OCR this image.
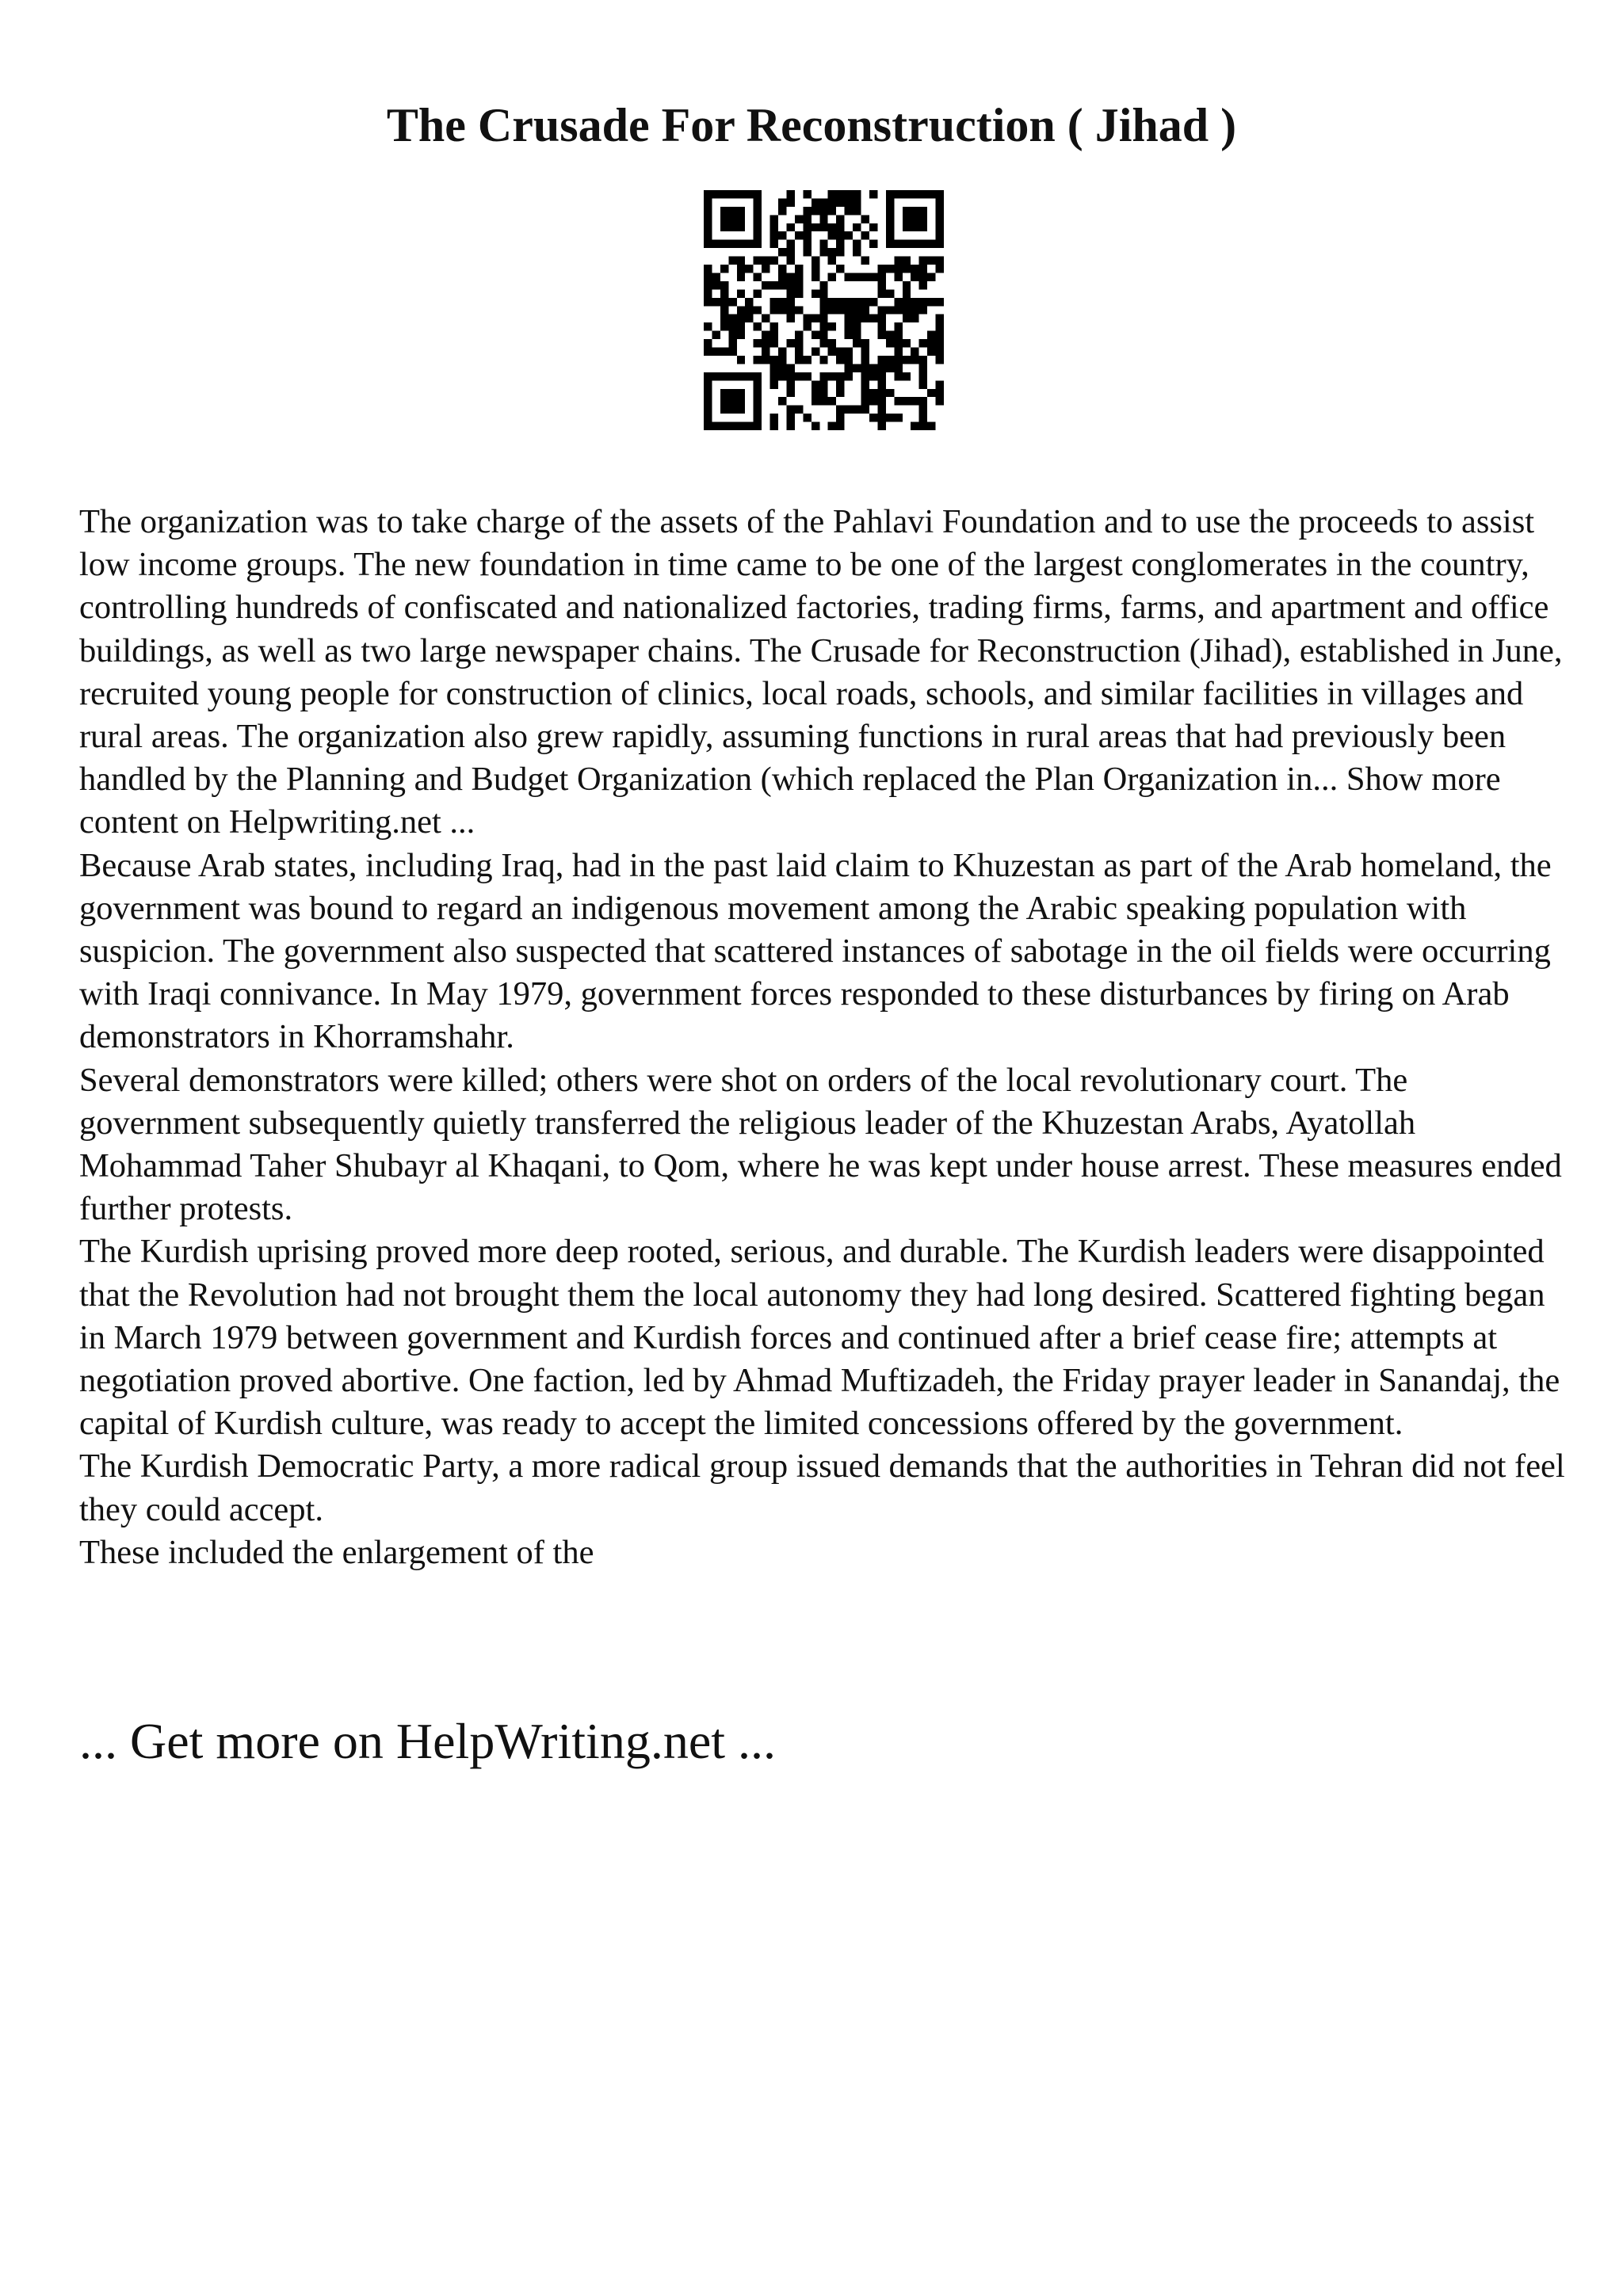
The Crusade For Reconstruction ( Jihad )

The organization was to take charge of the assets of the Pahlavi Foundation and to use the proceeds to assist low income groups. The new foundation in time came to be one of the largest conglomerates in the country, controlling hundreds of confiscated and nationalized factories, trading firms, farms, and apartment and office buildings, as well as two large newspaper chains. The Crusade for Reconstruction (Jihad), established in June, recruited young people for construction of clinics, local roads, schools, and similar facilities in villages and rural areas. The organization also grew rapidly, assuming functions in rural areas that had previously been handled by the Planning and Budget Organization (which replaced the Plan Organization in... Show more content on Helpwriting.net ...

Because Arab states, including Iraq, had in the past laid claim to Khuzestan as part of the Arab homeland, the government was bound to regard an indigenous movement among the Arabic speaking population with suspicion. The government also suspected that scattered instances of sabotage in the oil fields were occurring with Iraqi connivance. In May 1979, government forces responded to these disturbances by firing on Arab demonstrators in Khorramshahr.

Several demonstrators were killed; others were shot on orders of the local revolutionary court. The government subsequently quietly transferred the religious leader of the Khuzestan Arabs, Ayatollah Mohammad Taher Shubayr al Khaqani, to Qom, where he was kept under house arrest. These measures ended further protests.

The Kurdish uprising proved more deep rooted, serious, and durable. The Kurdish leaders were disappointed that the Revolution had not brought them the local autonomy they had long desired. Scattered fighting began in March 1979 between government and Kurdish forces and continued after a brief cease fire; attempts at negotiation proved abortive. One faction, led by Ahmad Muftizadeh, the Friday prayer leader in Sanandaj, the capital of Kurdish culture, was ready to accept the limited concessions offered by the government.

The Kurdish Democratic Party, a more radical group issued demands that the authorities in Tehran did not feel they could accept.

These included the enlargement of the

... Get more on HelpWriting.net ...
